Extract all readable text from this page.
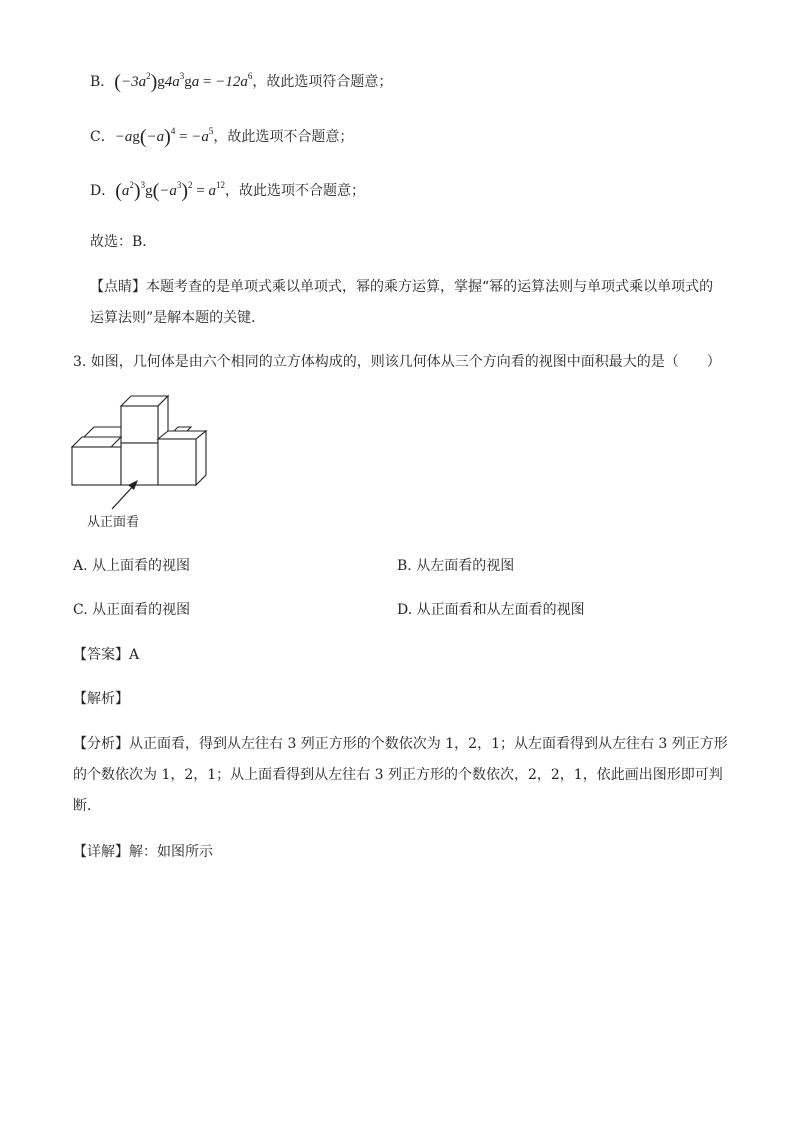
B．$(-3a^2)g4a^3ga = -12a^6$，故此选项符合题意；
C．$-ag(-a)^4 = -a^5$，故此选项不合题意；
D．$(a^2)^3g(-a^3)^2 = a^{12}$，故此选项不合题意；
故选：B．
【点睛】本题考查的是单项式乘以单项式，幂的乘方运算，掌握“幂的运算法则与单项式乘以单项式的
运算法则”是解本题的关键．
3. 如图，几何体是由六个相同的立方体构成的，则该几何体从三个方向看的视图中面积最大的是（　　）
从正面看
A. 从上面看的视图	B. 从左面看的视图
C. 从正面看的视图	D. 从正面看和从左面看的视图
【答案】A
【解析】
【分析】从正面看，得到从左往右 3 列正方形的个数依次为 1，2，1；从左面看得到从左往右 3 列正方形
的个数依次为 1，2，1；从上面看得到从左往右 3 列正方形的个数依次，2，2，1，依此画出图形即可判
断．
【详解】解：如图所示
